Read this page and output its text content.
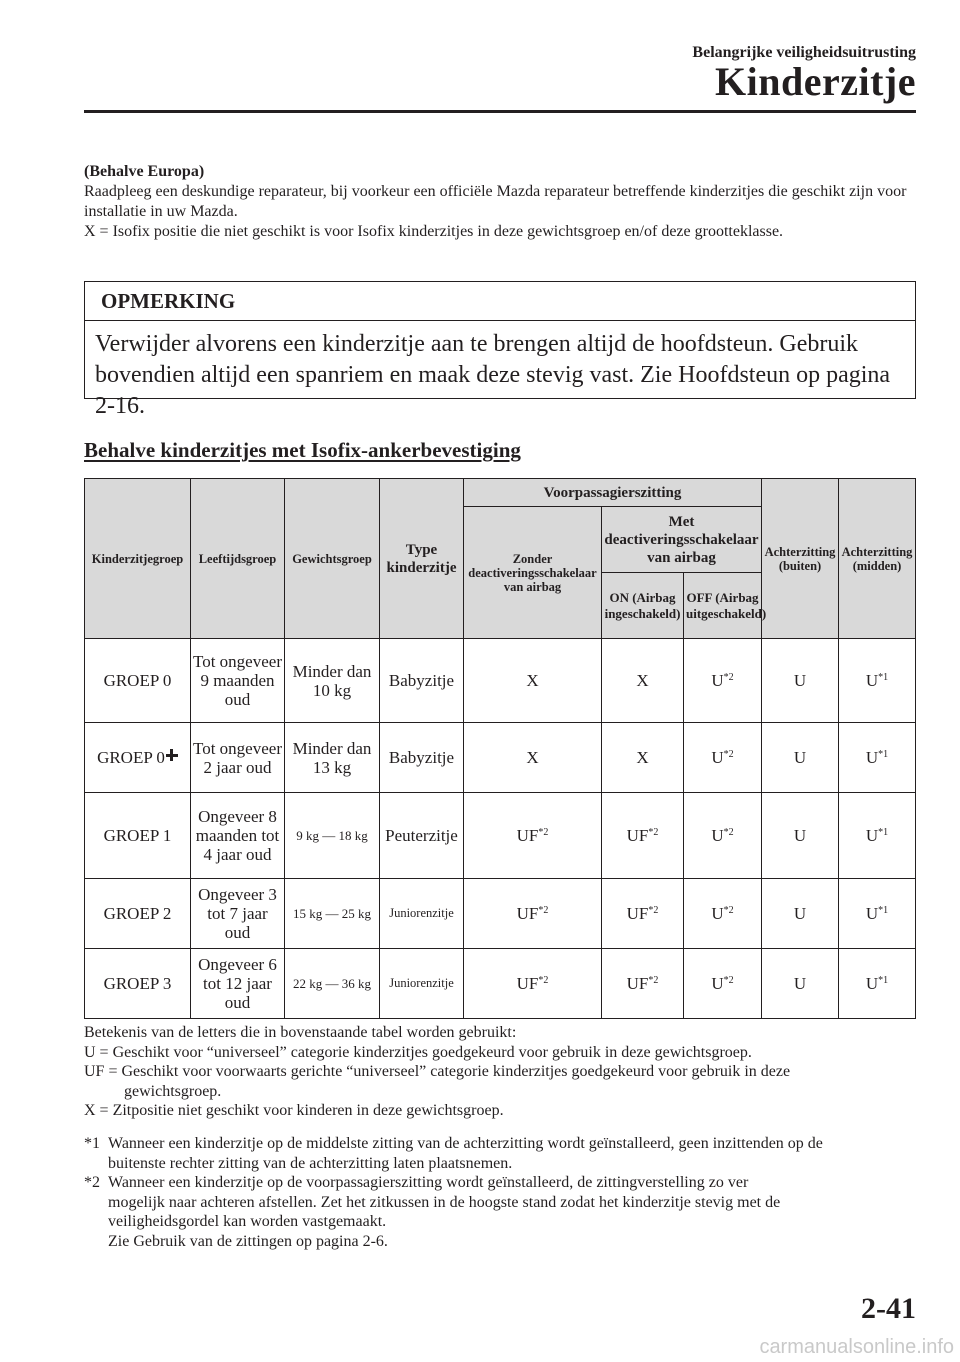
Belangrijke veiligheidsuitrusting
Kinderzitje
(Behalve Europa)
Raadpleeg een deskundige reparateur, bij voorkeur een officiële Mazda reparateur betreffende kinderzitjes die geschikt zijn voor installatie in uw Mazda.
X = Isofix positie die niet geschikt is voor Isofix kinderzitjes in deze gewichtsgroep en/of deze grootteklasse.
OPMERKING
Verwijder alvorens een kinderzitje aan te brengen altijd de hoofdsteun. Gebruik bovendien altijd een spanriem en maak deze stevig vast. Zie Hoofdsteun op pagina 2-16.
Behalve kinderzitjes met Isofix-ankerbevestiging
Kinderzitjegroep	Leeftijdsgroep	Gewichtsgroep	Type kinderzitje	Voorpassagierszitting			Achterzitting (buiten)	Achterzitting (midden)
				Zonder deactiveringsschakelaar van airbag	Met deactiveringsschakelaar van airbag			
					ON (Airbag ingeschakeld)	OFF (Airbag uitgeschakeld)		
GROEP 0	Tot ongeveer 9 maanden oud	Minder dan 10 kg	Babyzitje	X	X	$U^{*2}$	U	$U^{*1}$
GROEP 0	Tot ongeveer 2 jaar oud	Minder dan 13 kg	Babyzitje	X	X	$U^{*2}$	U	$U^{*1}$
GROEP 1	Ongeveer 8 maanden tot 4 jaar oud	9 kg — 18 kg	Peuterzitje	UF$^{*2}$	UF$^{*2}$	$U^{*2}$	U	$U^{*1}$
GROEP 2	Ongeveer 3 tot 7 jaar oud	15 kg — 25 kg	Juniorenzitje	UF$^{*2}$	UF$^{*2}$	$U^{*2}$	U	$U^{*1}$
GROEP 3	Ongeveer 6 tot 12 jaar oud	22 kg — 36 kg	Juniorenzitje	UF$^{*2}$	UF$^{*2}$	$U^{*2}$	U	$U^{*1}$

Betekenis van de letters die in bovenstaande tabel worden gebruikt:

U = Geschikt voor “universeel” categorie kinderzitjes goedgekeurd voor gebruik in deze gewichtsgroep.

UF = Geschikt voor voorwaarts gerichte “universeel” categorie kinderzitjes goedgekeurd voor gebruik in deze

gewichtsgroep.

X = Zitpositie niet geschikt voor kinderen in deze gewichtsgroep.

*1 Wanneer een kinderzitje op de middelste zitting van de achterzitting wordt geïnstalleerd, geen inzittenden op de
buitenste rechter zitting van de achterzitting laten plaatsnemen.
*2 Wanneer een kinderzitje op de voorpassagierszitting wordt geïnstalleerd, de zittingverstelling zo ver
mogelijk naar achteren afstellen. Zet het zitkussen in de hoogste stand zodat het kinderzitje stevig met de
veiligheidsgordel kan worden vastgemaakt.
Zie Gebruik van de zittingen op pagina 2-6.
2-41
carmanualsonline.info
